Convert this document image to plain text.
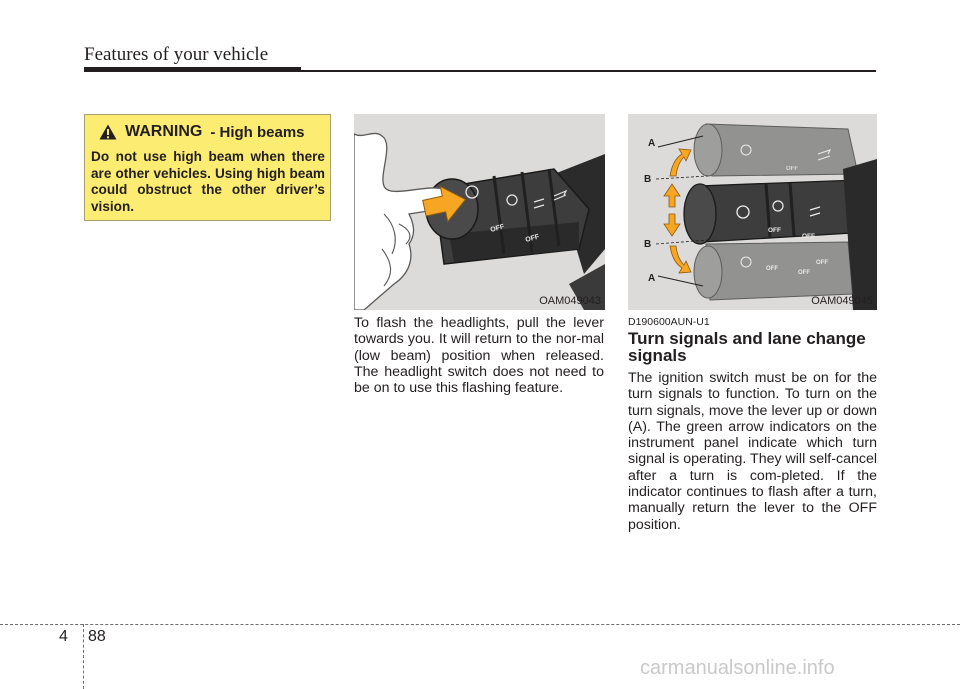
Features of your vehicle
WARNING - High beams
Do not use high beam when there are other vehicles. Using high beam could obstruct the other driver’s vision.
OFF
OFF
OAM049043
OFF
OFF
OFF
OFF
OFF
OFF
A
B
B
A
OAM049045
To flash the headlights, pull the lever towards you. It will return to the nor-mal (low beam) position when released. The headlight switch does not need to be on to use this flashing feature.
D190600AUN-U1
Turn signals and lane change signals
The ignition switch must be on for the turn signals to function. To turn on the turn signals, move the lever up or down (A). The green arrow indicators on the instrument panel indicate which turn signal is operating. They will self-cancel after a turn is com-pleted. If the indicator continues to flash after a turn, manually return the lever to the OFF position.
4 88
carmanualsonline.info
